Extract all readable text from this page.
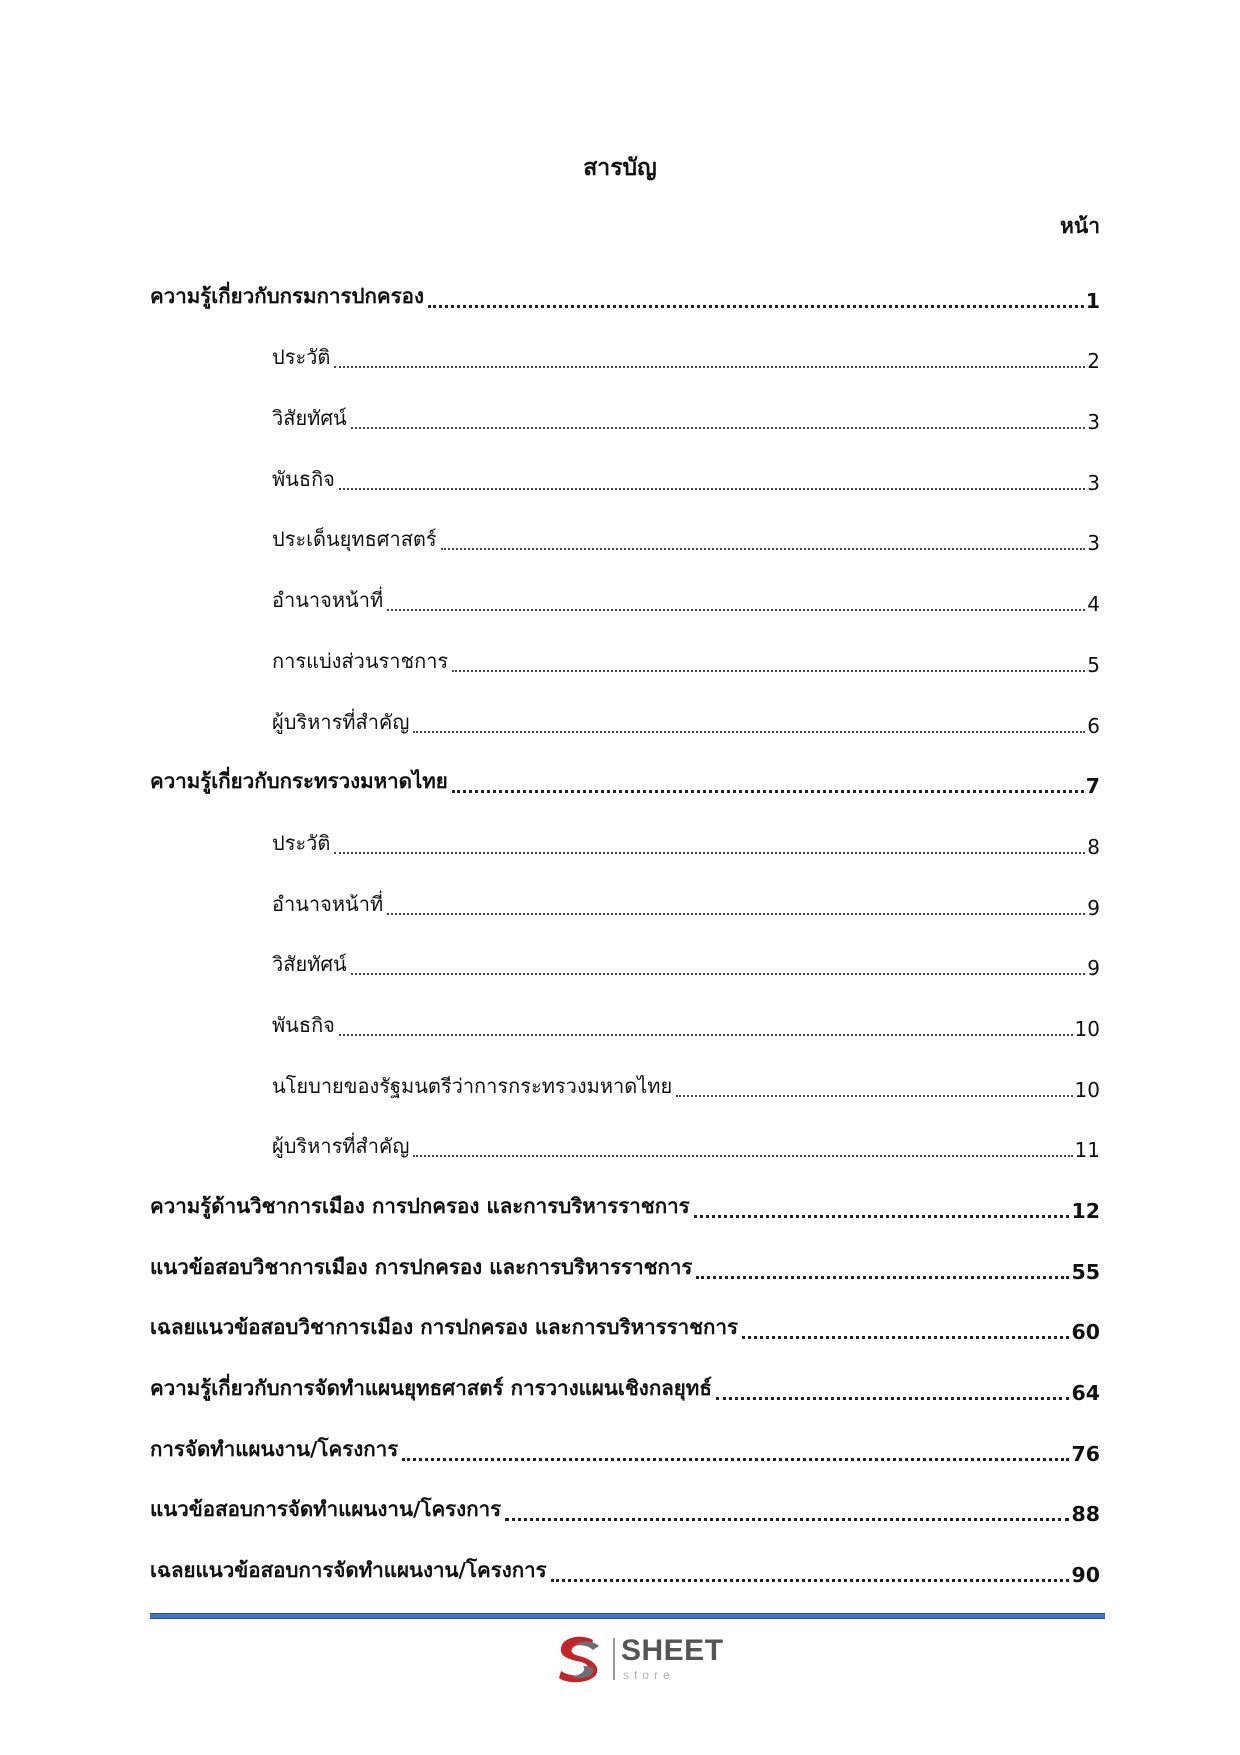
สารบัญ
หน้า
ความรู้เกี่ยวกับกรมการปกครอง	1
ประวัติ	2
วิสัยทัศน์	3
พันธกิจ	3
ประเด็นยุทธศาสตร์	3
อำนาจหน้าที่	4
การแบ่งส่วนราชการ	5
ผู้บริหารที่สำคัญ	6
ความรู้เกี่ยวกับกระทรวงมหาดไทย	7
ประวัติ	8
อำนาจหน้าที่	9
วิสัยทัศน์	9
พันธกิจ	10
นโยบายของรัฐมนตรีว่าการกระทรวงมหาดไทย	10
ผู้บริหารที่สำคัญ	11
ความรู้ด้านวิชาการเมือง การปกครอง และการบริหารราชการ	12
แนวข้อสอบวิชาการเมือง การปกครอง และการบริหารราชการ	55
เฉลยแนวข้อสอบวิชาการเมือง การปกครอง และการบริหารราชการ	60
ความรู้เกี่ยวกับการจัดทำแผนยุทธศาสตร์ การวางแผนเชิงกลยุทธ์	64
การจัดทำแผนงาน/โครงการ	76
แนวข้อสอบการจัดทำแผนงาน/โครงการ	88
เฉลยแนวข้อสอบการจัดทำแผนงาน/โครงการ	90
SHEET
store
